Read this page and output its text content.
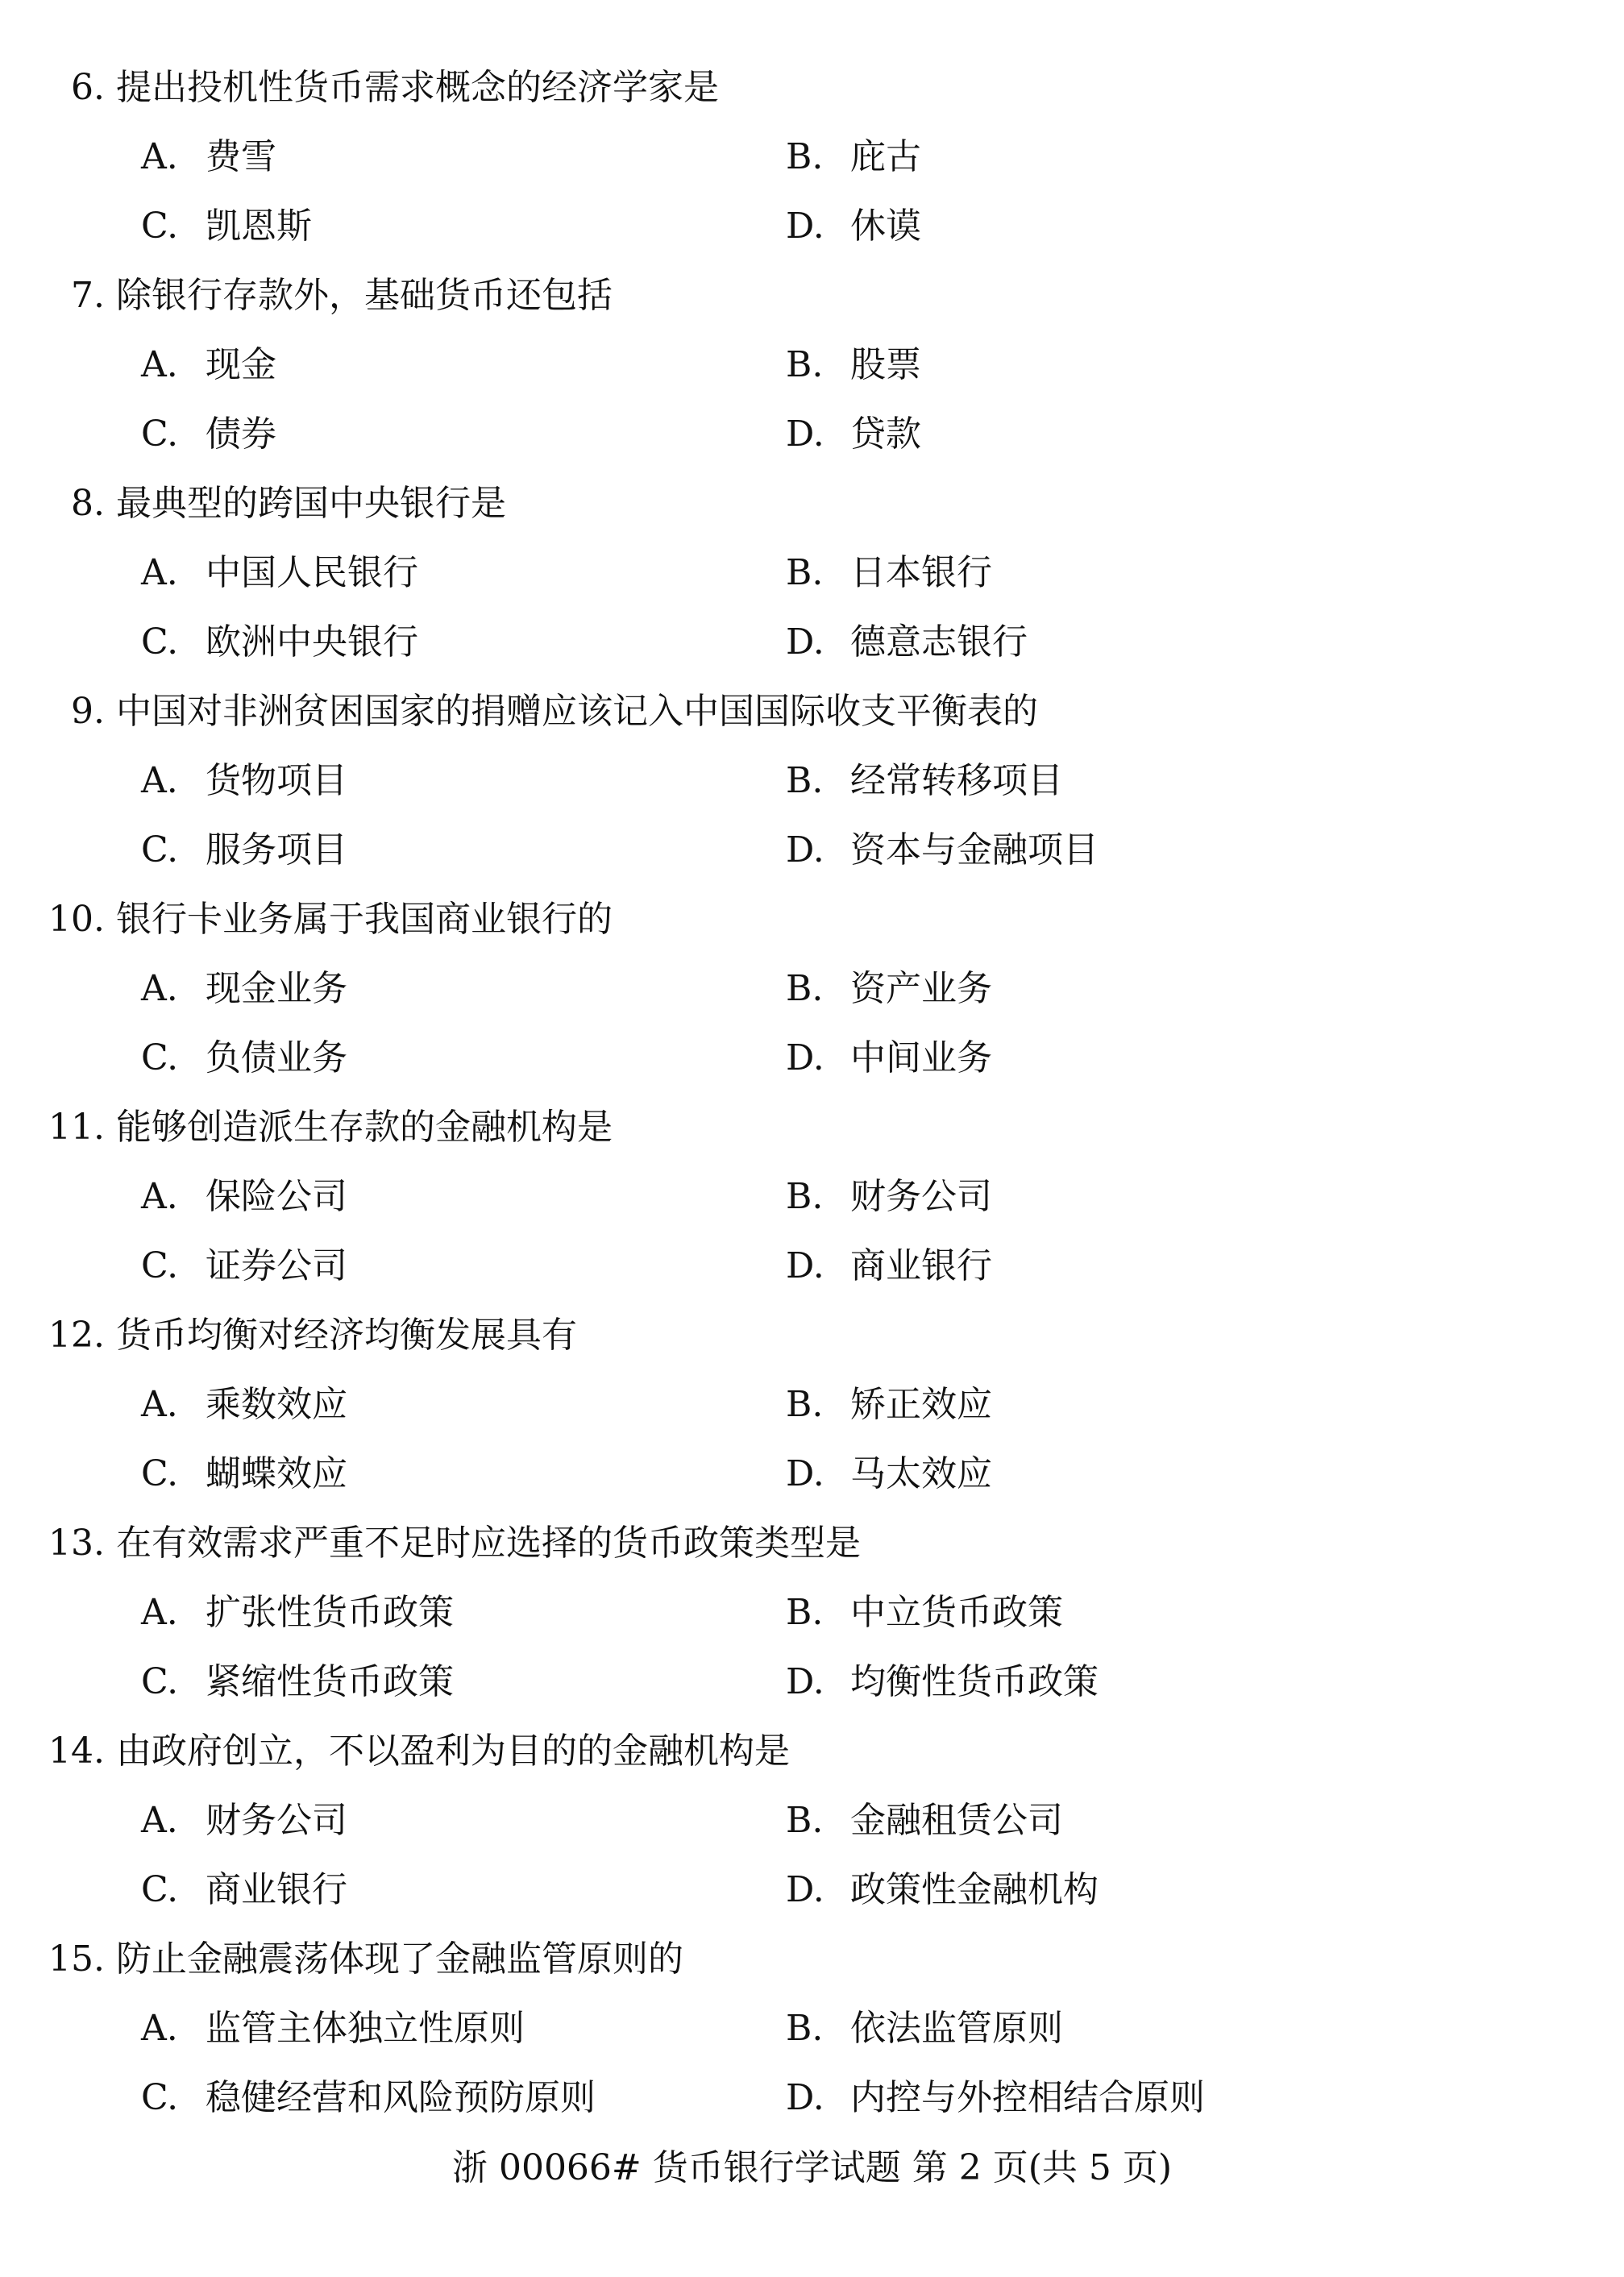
6. 提出投机性货币需求概念的经济学家是
A. 费雪	B. 庇古
C. 凯恩斯	D. 休谟
7. 除银行存款外，基础货币还包括
A. 现金	B. 股票
C. 债券	D. 贷款
8. 最典型的跨国中央银行是
A. 中国人民银行	B. 日本银行
C. 欧洲中央银行	D. 德意志银行
9. 中国对非洲贫困国家的捐赠应该记入中国国际收支平衡表的
A. 货物项目	B. 经常转移项目
C. 服务项目	D. 资本与金融项目
10. 银行卡业务属于我国商业银行的
A. 现金业务	B. 资产业务
C. 负债业务	D. 中间业务
11. 能够创造派生存款的金融机构是
A. 保险公司	B. 财务公司
C. 证券公司	D. 商业银行
12. 货币均衡对经济均衡发展具有
A. 乘数效应	B. 矫正效应
C. 蝴蝶效应	D. 马太效应
13. 在有效需求严重不足时应选择的货币政策类型是
A. 扩张性货币政策	B. 中立货币政策
C. 紧缩性货币政策	D. 均衡性货币政策
14. 由政府创立，不以盈利为目的的金融机构是
A. 财务公司	B. 金融租赁公司
C. 商业银行	D. 政策性金融机构
15. 防止金融震荡体现了金融监管原则的
A. 监管主体独立性原则	B. 依法监管原则
C. 稳健经营和风险预防原则	D. 内控与外控相结合原则
浙 00066# 货币银行学试题 第 2 页(共 5 页)
